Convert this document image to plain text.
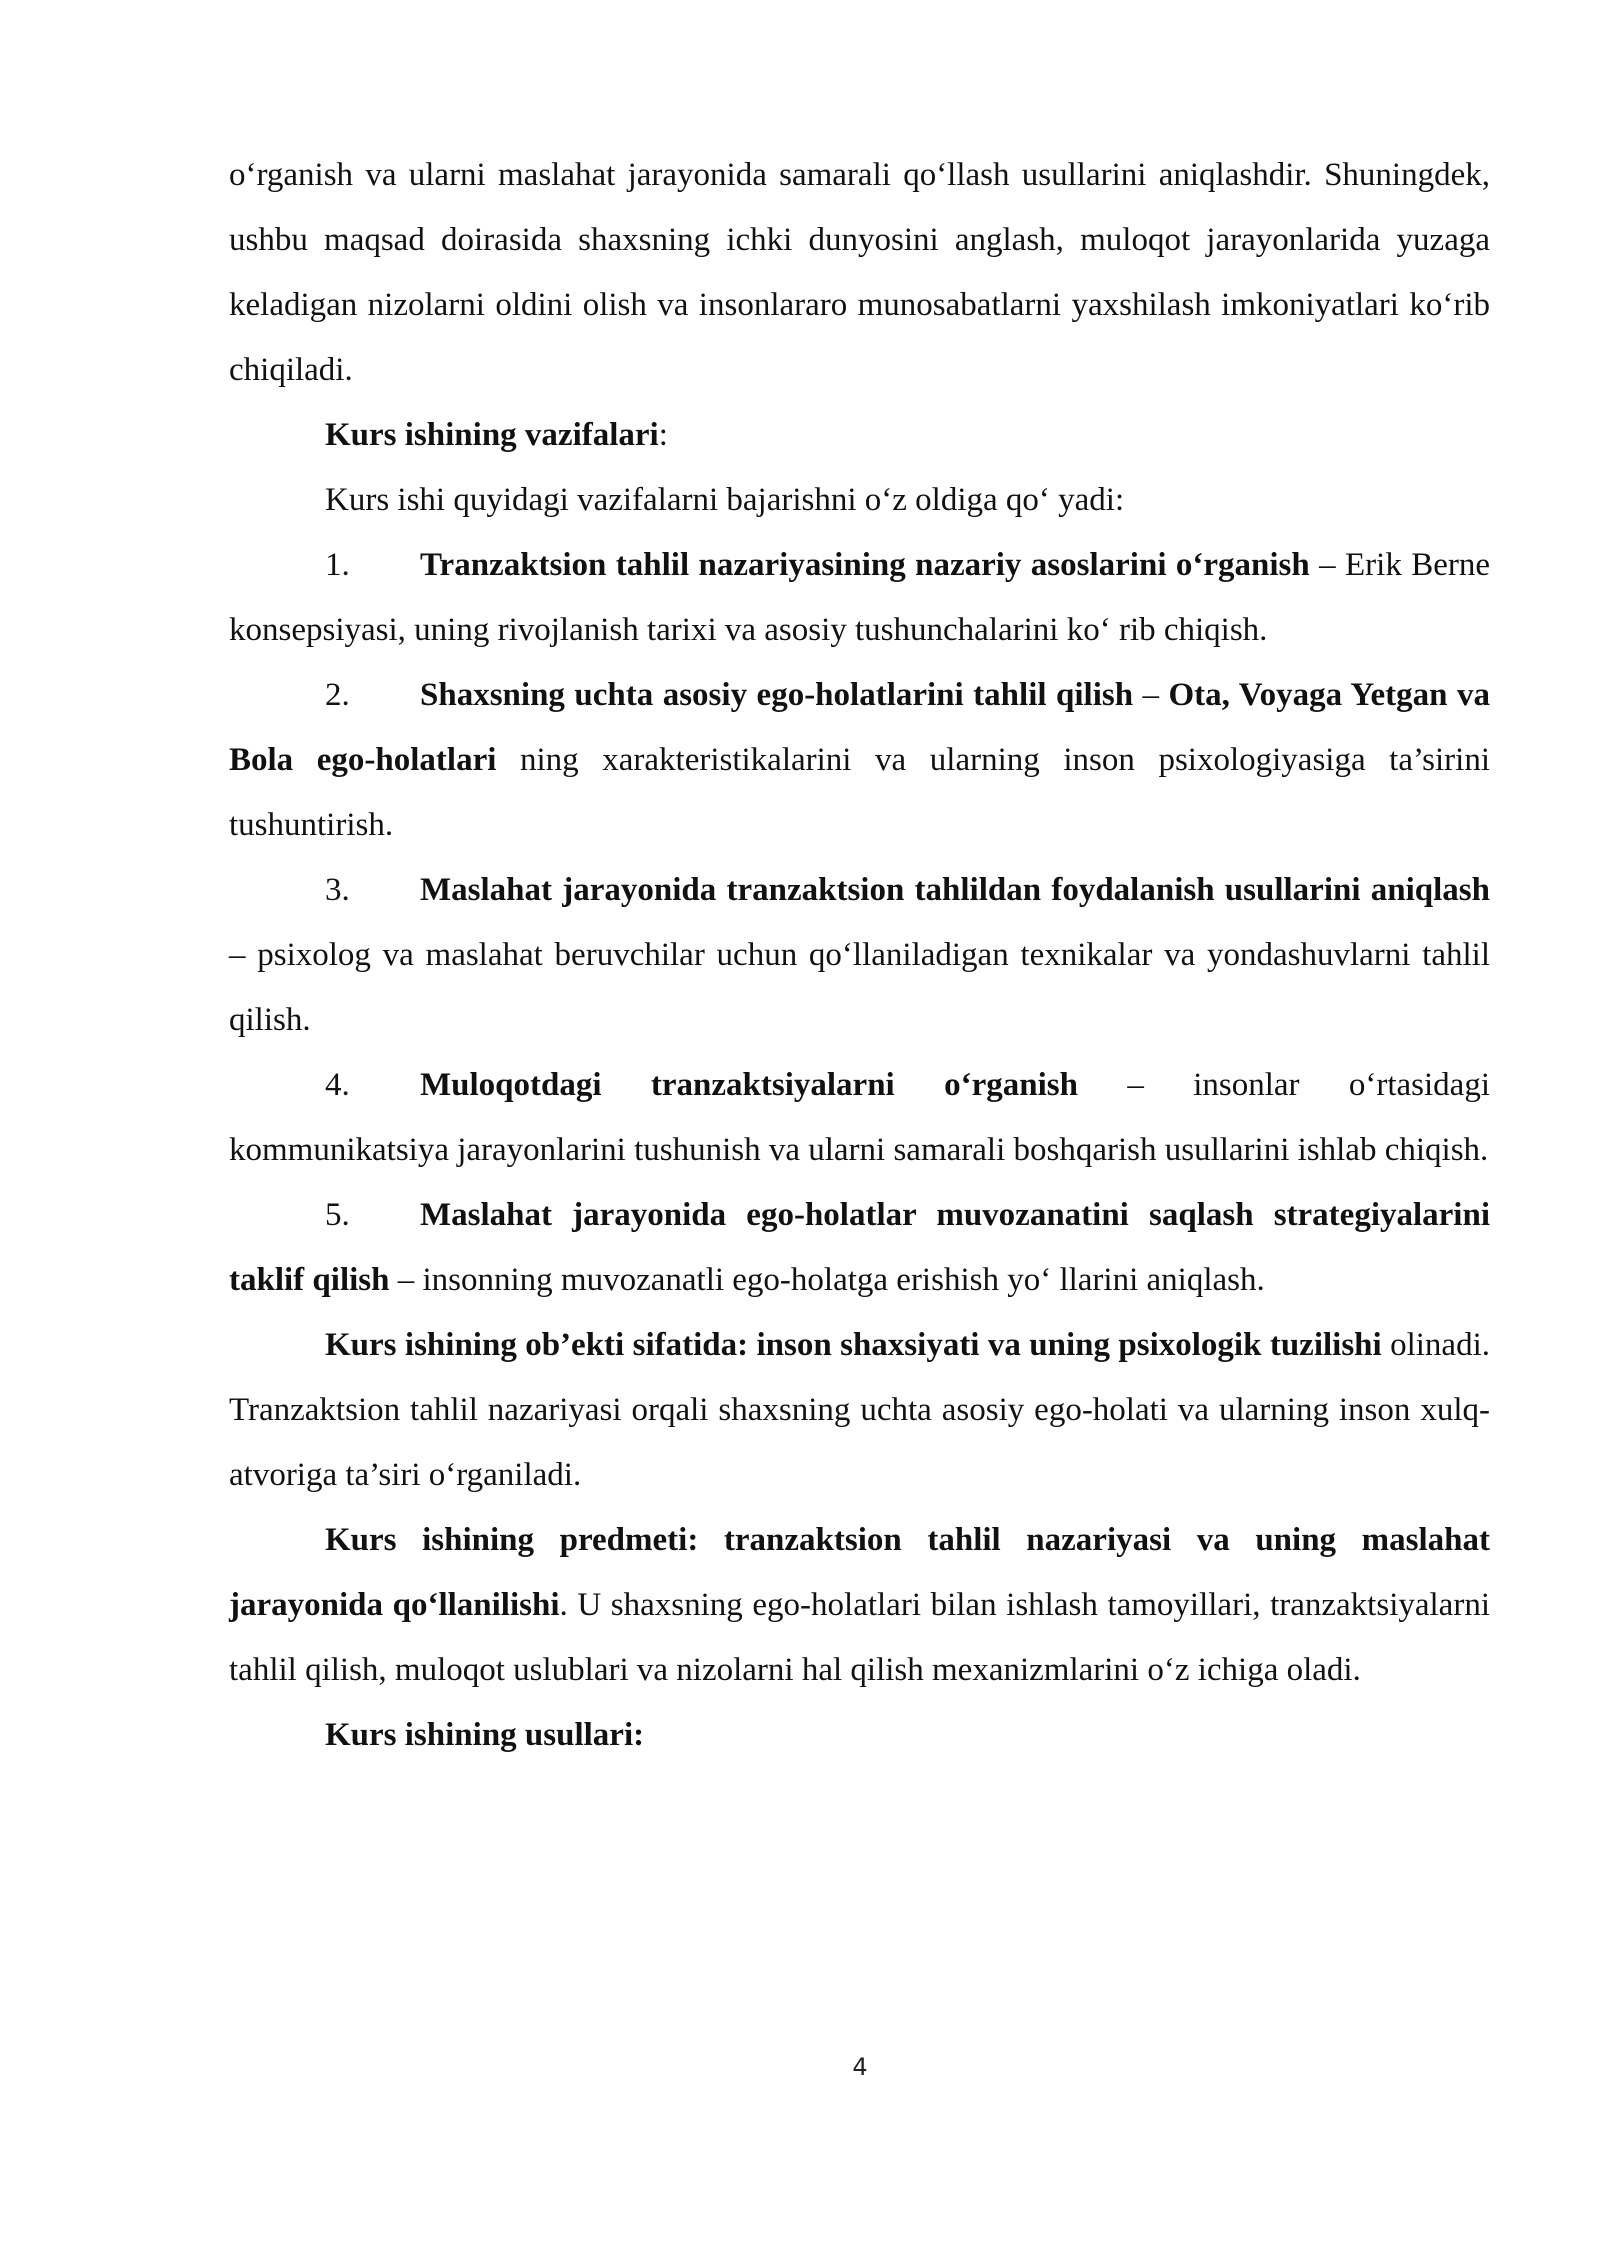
o‘rganish va ularni maslahat jarayonida samarali qo‘llash usullarini aniqlashdir. Shuningdek, ushbu maqsad doirasida shaxsning ichki dunyosini anglash, muloqot jarayonlarida yuzaga keladigan nizolarni oldini olish va insonlararo munosabatlarni yaxshilash imkoniyatlari ko‘rib chiqiladi.

Kurs ishining vazifalari:

Kurs ishi quyidagi vazifalarni bajarishni o‘z oldiga qo‘ yadi:

1. Tranzaktsion tahlil nazariyasining nazariy asoslarini o‘rganish – Erik Berne konsepsiyasi, uning rivojlanish tarixi va asosiy tushunchalarini ko‘ rib chiqish.

2. Shaxsning uchta asosiy ego-holatlarini tahlil qilish – Ota, Voyaga Yetgan va Bola ego-holatlari ning xarakteristikalarini va ularning inson psixologiyasiga ta’sirini tushuntirish.

3. Maslahat jarayonida tranzaktsion tahlildan foydalanish usullarini aniqlash – psixolog va maslahat beruvchilar uchun qo‘llaniladigan texnikalar va yondashuvlarni tahlil qilish.

4. Muloqotdagi tranzaktsiyalarni o‘rganish – insonlar o‘rtasidagi kommunikatsiya jarayonlarini tushunish va ularni samarali boshqarish usullarini ishlab chiqish.

5. Maslahat jarayonida ego-holatlar muvozanatini saqlash strategiyalarini taklif qilish – insonning muvozanatli ego-holatga erishish yo‘ llarini aniqlash.

Kurs ishining ob’ekti sifatida: inson shaxsiyati va uning psixologik tuzilishi olinadi. Tranzaktsion tahlil nazariyasi orqali shaxsning uchta asosiy ego-holati va ularning inson xulq-atvoriga ta’siri o‘rganiladi.

Kurs ishining predmeti: tranzaktsion tahlil nazariyasi va uning maslahat jarayonida qo‘llanilishi. U shaxsning ego-holatlari bilan ishlash tamoyillari, tranzaktsiyalarni tahlil qilish, muloqot uslublari va nizolarni hal qilish mexanizmlarini o‘z ichiga oladi.

Kurs ishining usullari:

4
